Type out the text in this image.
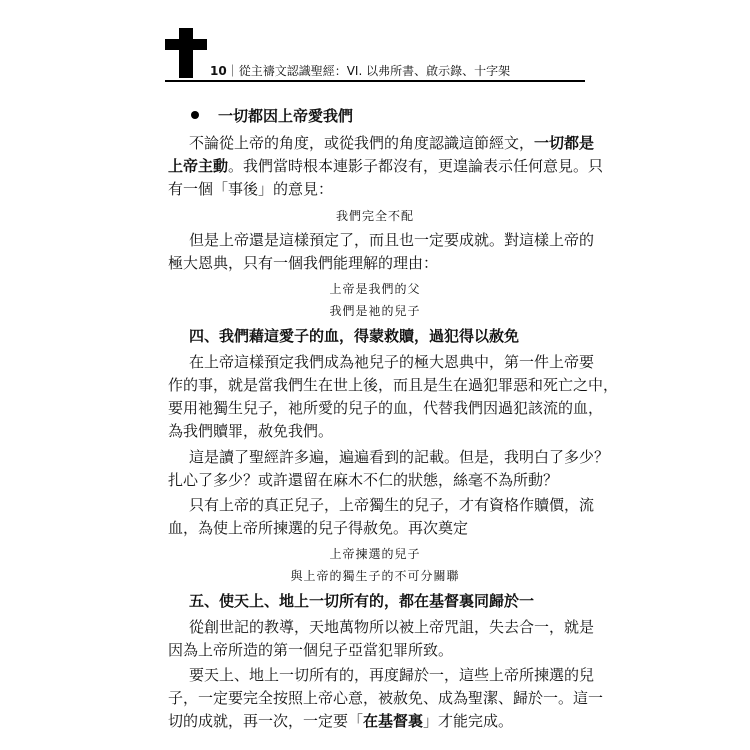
10｜從主禱文認識聖經：VI. 以弗所書、啟示錄、十字架
一切都因上帝愛我們
不論從上帝的角度，或從我們的角度認識這節經文，一切都是
上帝主動。我們當時根本連影子都沒有，更遑論表示任何意見。只
有一個「事後」的意見：
我們完全不配
但是上帝還是這樣預定了，而且也一定要成就。對這樣上帝的
極大恩典，只有一個我們能理解的理由：
上帝是我們的父
我們是祂的兒子
四、我們藉這愛子的血，得蒙救贖，過犯得以赦免
在上帝這樣預定我們成為祂兒子的極大恩典中，第一件上帝要
作的事，就是當我們生在世上後，而且是生在過犯罪惡和死亡之中，
要用祂獨生兒子，祂所愛的兒子的血，代替我們因過犯該流的血，
為我們贖罪，赦免我們。
這是讀了聖經許多遍，遍遍看到的記載。但是，我明白了多少？
扎心了多少？或許還留在麻木不仁的狀態，絲毫不為所動？
只有上帝的真正兒子，上帝獨生的兒子，才有資格作贖價，流
血，為使上帝所揀選的兒子得赦免。再次奠定
上帝揀選的兒子
與上帝的獨生子的不可分關聯
五、使天上、地上一切所有的，都在基督裏同歸於一
從創世記的教導，天地萬物所以被上帝咒詛，失去合一，就是
因為上帝所造的第一個兒子亞當犯罪所致。
要天上、地上一切所有的，再度歸於一，這些上帝所揀選的兒
子，一定要完全按照上帝心意，被赦免、成為聖潔、歸於一。這一
切的成就，再一次，一定要「在基督裏」才能完成。
